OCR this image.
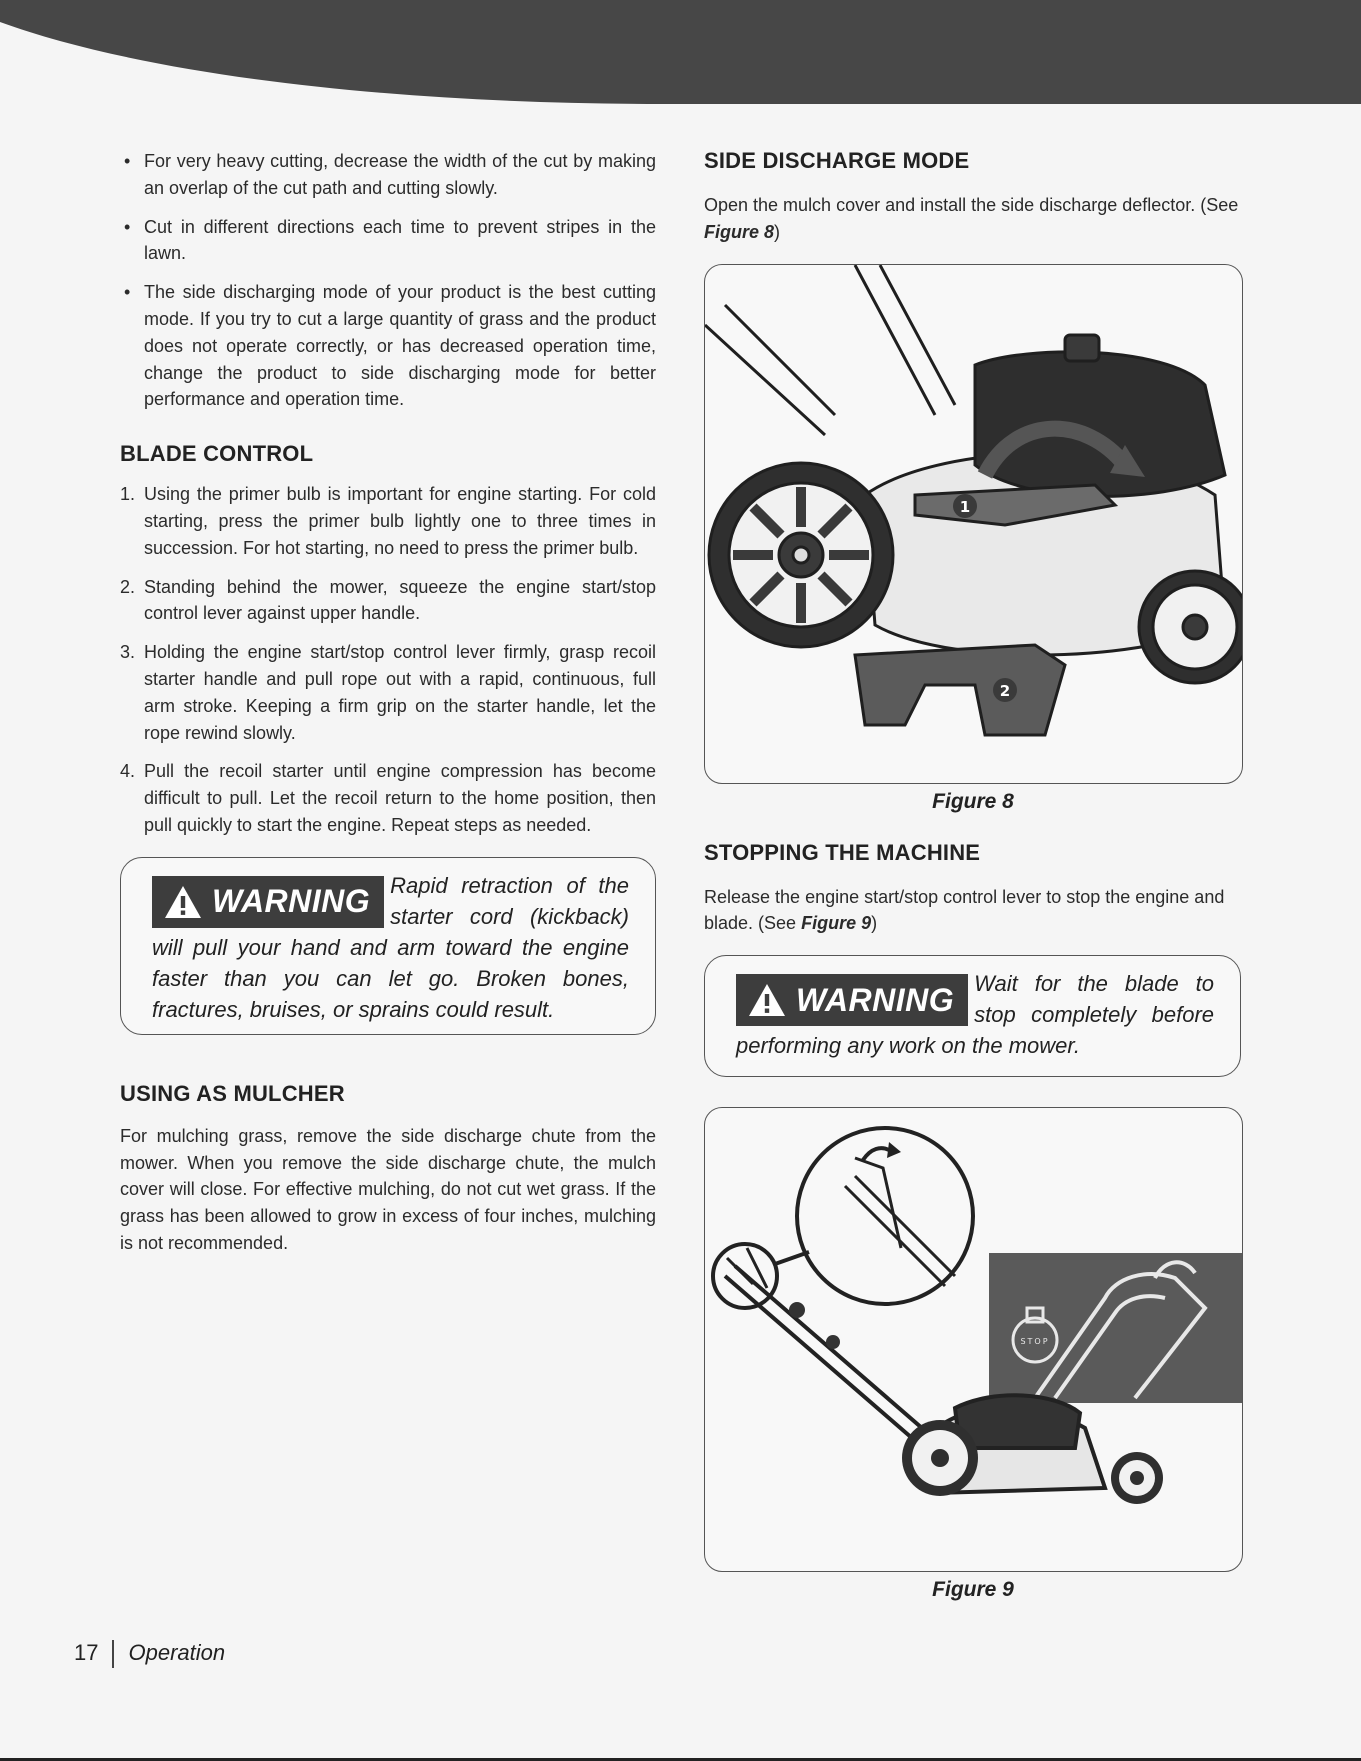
• For very heavy cutting, decrease the width of the cut by making an overlap of the cut path and cutting slowly.
• Cut in different directions each time to prevent stripes in the lawn.
• The side discharging mode of your product is the best cutting mode. If you try to cut a large quantity of grass and the product does not operate correctly, or has decreased operation time, change the product to side discharging mode for better performance and operation time.
BLADE CONTROL
1. Using the primer bulb is important for engine starting. For cold starting, press the primer bulb lightly one to three times in succession. For hot starting, no need to press the primer bulb.
2. Standing behind the mower, squeeze the engine start/stop control lever against upper handle.
3. Holding the engine start/stop control lever firmly, grasp recoil starter handle and pull rope out with a rapid, continuous, full arm stroke. Keeping a firm grip on the starter handle, let the rope rewind slowly.
4. Pull the recoil starter until engine compression has become difficult to pull. Let the recoil return to the home position, then pull quickly to start the engine. Repeat steps as needed.
WARNING Rapid retraction of the starter cord (kickback) will pull your hand and arm toward the engine faster than you can let go. Broken bones, fractures, bruises, or sprains could result.
USING AS MULCHER

For mulching grass, remove the side discharge chute from the mower. When you remove the side discharge chute, the mulch cover will close. For effective mulching, do not cut wet grass. If the grass has been allowed to grow in excess of four inches, mulching is not recommended.

SIDE DISCHARGE MODE

Open the mulch cover and install the side discharge deflector. (See Figure 8)

1
2
Figure 8
STOPPING THE MACHINE

Release the engine start/stop control lever to stop the engine and blade. (See Figure 9)

WARNING Wait for the blade to stop completely before performing any work on the mower.
STOP
Figure 9
17 Operation
